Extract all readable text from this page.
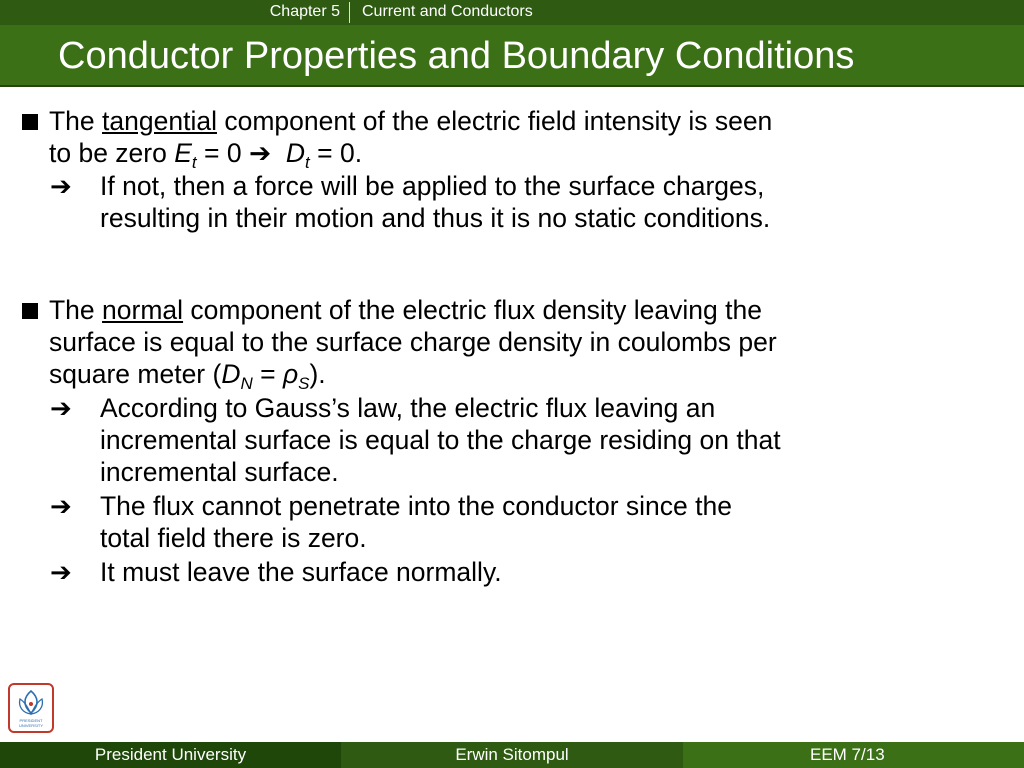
Chapter 5	Current and Conductors
Conductor Properties and Boundary Conditions
The tangential component of the electric field intensity is seen
to be zero $E_t = 0$ ➔ $D_t = 0$.
➔	If not, then a force will be applied to the surface charges,
resulting in their motion and thus it is no static conditions.
The normal component of the electric flux density leaving the
surface is equal to the surface charge density in coulombs per
square meter $(D_N = \rho_S)$.
➔	According to Gauss’s law, the electric flux leaving an
incremental surface is equal to the charge residing on that
incremental surface.
➔	The flux cannot penetrate into the conductor since the
total field there is zero.
➔	It must leave the surface normally.
PRESIDENT
UNIVERSITY
President University	Erwin Sitompul	EEM 7/13
